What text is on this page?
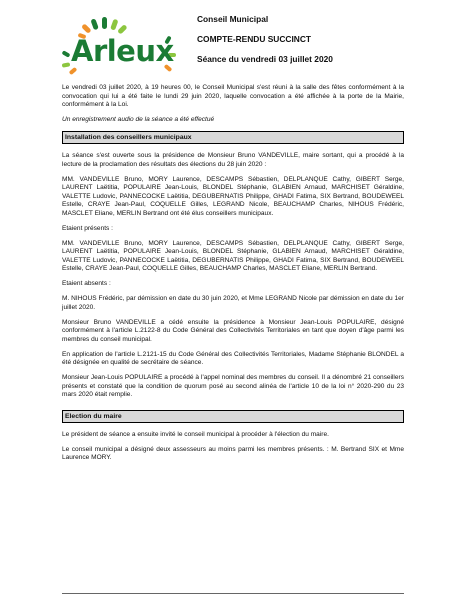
Arleux
Conseil Municipal
COMPTE-RENDU SUCCINCT
Séance du vendredi 03 juillet 2020

Le vendredi 03 juillet 2020, à 19 heures 00, le Conseil Municipal s'est réuni à la salle des fêtes conformément à la convocation qui lui a été faite le lundi 29 juin 2020, laquelle convocation a été affichée à la porte de la Mairie, conformément à la Loi.

Un enregistrement audio de la séance a été effectué

Installation des conseillers municipaux

La séance s'est ouverte sous la présidence de Monsieur Bruno VANDEVILLE, maire sortant, qui a procédé à la lecture de la proclamation des résultats des élections du 28 juin 2020 :

MM. VANDEVILLE Bruno, MORY Laurence, DESCAMPS Sébastien, DELPLANQUE Cathy, GIBERT Serge, LAURENT Laëtitia, POPULAIRE Jean-Louis, BLONDEL Stéphanie, GLABIEN Arnaud, MARCHISET Géraldine, VALETTE Ludovic, PANNECOCKE Laëtitia, DEGUBERNATIS Philippe, GHADI Fatima, SIX Bertrand, BOUDEWEEL Estelle, CRAYE Jean-Paul, COQUELLE Gilles, LEGRAND Nicole, BEAUCHAMP Charles, NIHOUS Frédéric, MASCLET Eliane, MERLIN Bertrand ont été élus conseillers municipaux.

Etaient présents :

MM. VANDEVILLE Bruno, MORY Laurence, DESCAMPS Sébastien, DELPLANQUE Cathy, GIBERT Serge, LAURENT Laëtitia, POPULAIRE Jean-Louis, BLONDEL Stéphanie, GLABIEN Arnaud, MARCHISET Géraldine, VALETTE Ludovic, PANNECOCKE Laëtitia, DEGUBERNATIS Philippe, GHADI Fatima, SIX Bertrand, BOUDEWEEL Estelle, CRAYE Jean-Paul, COQUELLE Gilles, BEAUCHAMP Charles, MASCLET Eliane, MERLIN Bertrand.

Etaient absents :

M. NIHOUS Frédéric, par démission en date du 30 juin 2020, et Mme LEGRAND Nicole par démission en date du 1er juillet 2020.

Monsieur Bruno VANDEVILLE a cédé ensuite la présidence à Monsieur Jean-Louis POPULAIRE, désigné conformément à l'article L.2122-8 du Code Général des Collectivités Territoriales en tant que doyen d'âge parmi les membres du conseil municipal.

En application de l'article L.2121-15 du Code Général des Collectivités Territoriales, Madame Stéphanie BLONDEL a été désignée en qualité de secrétaire de séance.

Monsieur Jean-Louis POPULAIRE a procédé à l'appel nominal des membres du conseil. Il a dénombré 21 conseillers présents et constaté que la condition de quorum posé au second alinéa de l'article 10 de la loi n° 2020-290 du 23 mars 2020 était remplie.

Election du maire

Le président de séance a ensuite invité le conseil municipal à procéder à l'élection du maire.

Le conseil municipal a désigné deux assesseurs au moins parmi les membres présents. : M. Bertrand SIX et Mme Laurence MORY.
